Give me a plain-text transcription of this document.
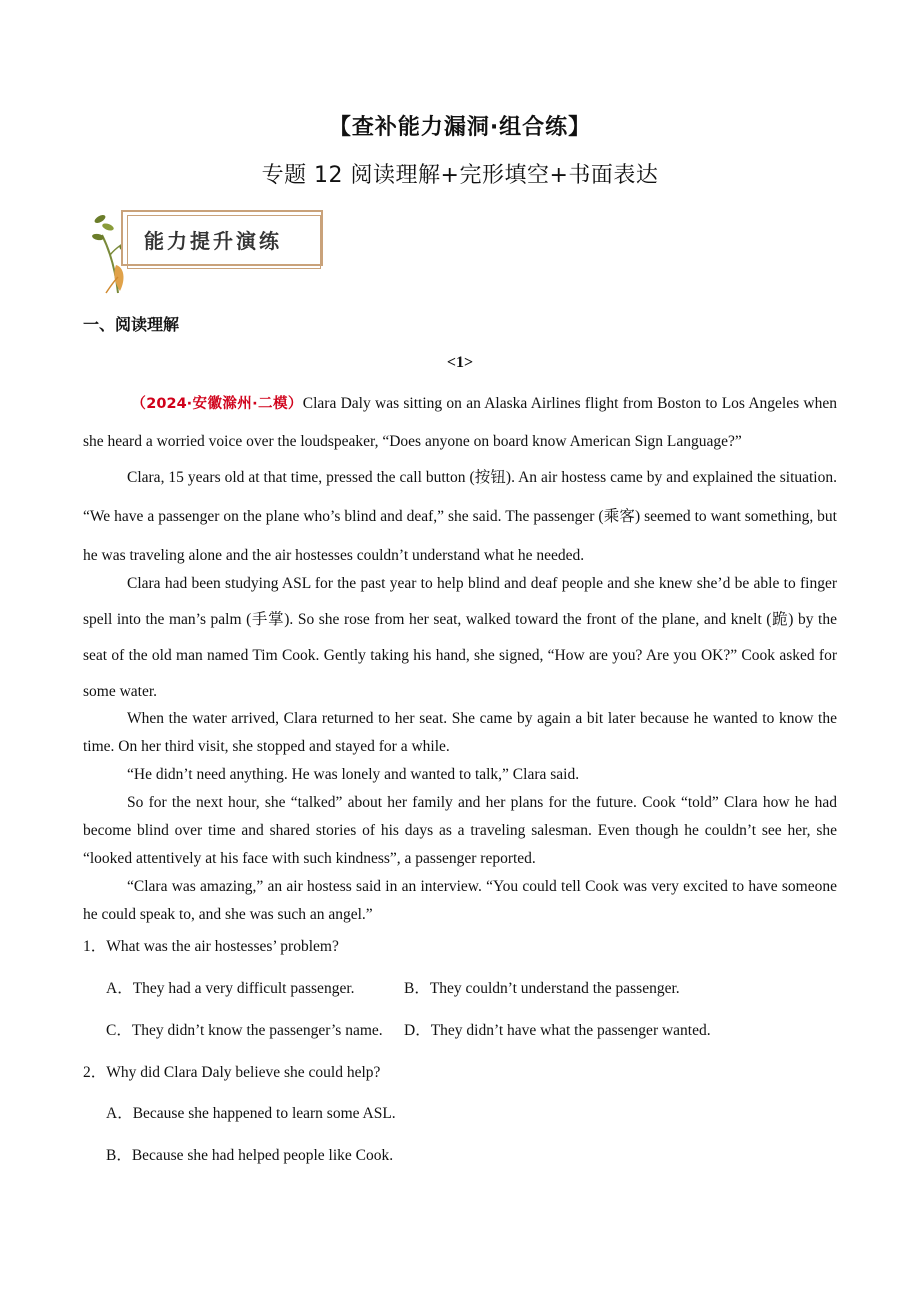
【查补能力漏洞·组合练】
专题 12 阅读理解+完形填空+书面表达
能力提升演练
一、阅读理解
<1>
（2024·安徽滁州·二模）Clara Daly was sitting on an Alaska Airlines flight from Boston to Los Angeles when she heard a worried voice over the loudspeaker, “Does anyone on board know American Sign Language?”
Clara, 15 years old at that time, pressed the call button (按钮). An air hostess came by and explained the situation. “We have a passenger on the plane who’s blind and deaf,” she said. The passenger (乘客) seemed to want something, but he was traveling alone and the air hostesses couldn’t understand what he needed.
Clara had been studying ASL for the past year to help blind and deaf people and she knew she’d be able to finger spell into the man’s palm (手掌). So she rose from her seat, walked toward the front of the plane, and knelt (跪) by the seat of the old man named Tim Cook. Gently taking his hand, she signed, “How are you? Are you OK?” Cook asked for some water.
When the water arrived, Clara returned to her seat. She came by again a bit later because he wanted to know the time. On her third visit, she stopped and stayed for a while.
“He didn’t need anything. He was lonely and wanted to talk,” Clara said.
So for the next hour, she “talked” about her family and her plans for the future. Cook “told” Clara how he had become blind over time and shared stories of his days as a traveling salesman. Even though he couldn’t see her, she “looked attentively at his face with such kindness”, a passenger reported.
“Clara was amazing,” an air hostess said in an interview. “You could tell Cook was very excited to have someone he could speak to, and she was such an angel.”
1．What was the air hostesses’ problem?
A．They had a very difficult passenger.	B．They couldn’t understand the passenger.
C．They didn’t know the passenger’s name. D．They didn’t have what the passenger wanted.
2．Why did Clara Daly believe she could help?
A．Because she happened to learn some ASL.
B．Because she had helped people like Cook.
